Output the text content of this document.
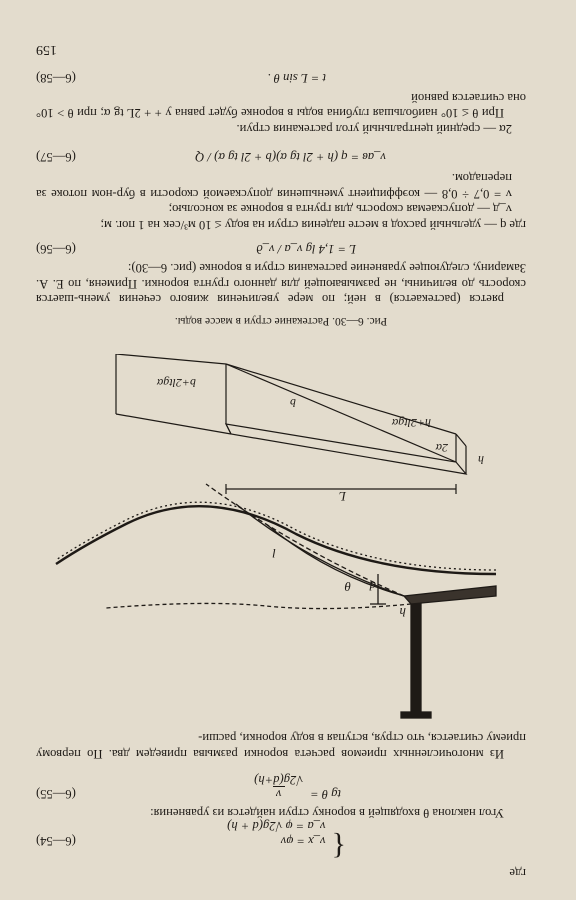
где
{
v_x = φv
v_a = φ √2g(d + h)
(6—54)

Угол наклона θ входящей в воронку струи найдется из уравнения:

tg θ =
v
√2g(d+h)
(6—55)

Из многочисленных приемов расчета воронки размыва приведем два. По первому приему считается, что струя, вступая в воду воронки, расши-

d
h
θ
l
L
b
h
2α
h+2ltgα
b+2ltgα
Рис. 6—30. Растекание струи в массе воды.

ряется (растекается) в ней; по мере увеличения живого сечения умень-шается скорость до величины, не размывающей для данного грунта воронки. Применя, по Е. А. Замарину, следующее уравнение растекания струи в воронке (рис. 6—30):

L = 1,4 lg v_a / v_д
(6—56)

где q — удельный расход в месте падения струи на воду ≤ 10 м³/сек на 1 пог. м;

v_д — допускаемая скорость для грунта в воронке за консолью;

v = 0,7 ÷ 0,8 — коэффициент уменьшения допускаемой скорости в бур-ном потоке за перепадом.

v_ав = q (h + 2l tg α)(b + 2l tg α) / Q
(6—57)

2α — средний центральный угол растекания струи.

При θ ≤ 10° наибольшая глубина воды в воронке будет равна y + + 2L tg α; при θ > 10° она считается равной

t = L sin θ .
(6—58)
159
